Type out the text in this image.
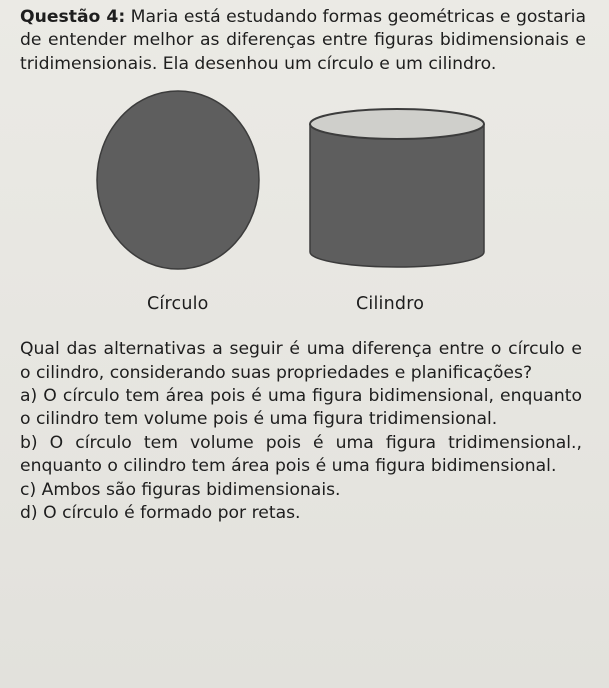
Questão 4: Maria está estudando formas geométricas e gostaria de entender melhor as diferenças entre figuras bidimensionais e tridimensionais. Ela desenhou um círculo e um cilindro.

Círculo	Cilindro

Qual das alternativas a seguir é uma diferença entre o círculo e o cilindro, considerando suas propriedades e planificações?

a) O círculo tem área pois é uma figura bidimensional, enquanto o cilindro tem volume pois é uma figura tridimensional.

b) O círculo tem volume pois é uma figura tridimensional., enquanto o cilindro tem área pois é uma figura bidimensional.

c) Ambos são figuras bidimensionais.

d) O círculo é formado por retas.
